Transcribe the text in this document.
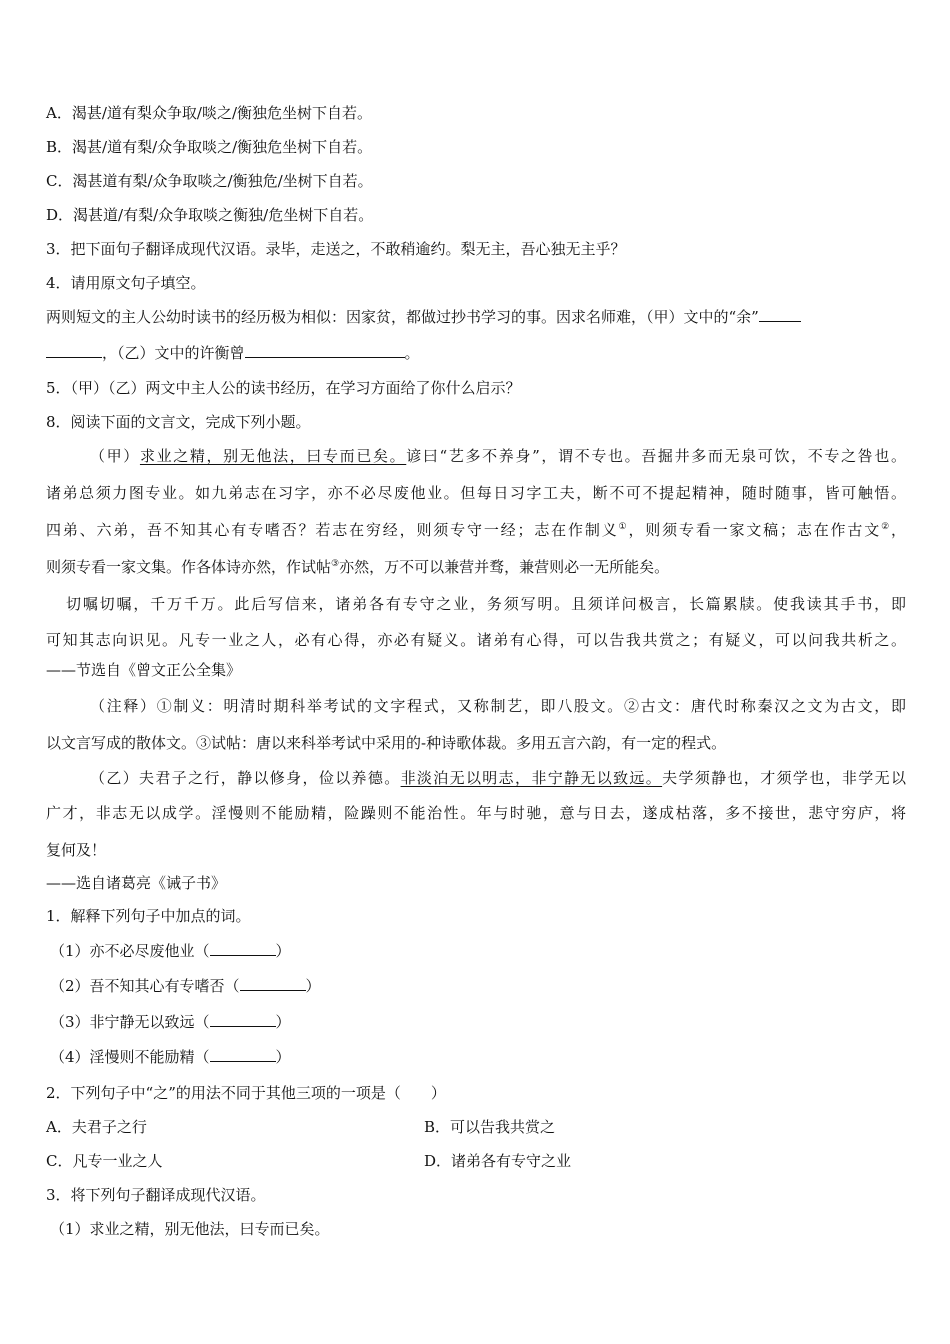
A．渴甚/道有梨众争取/啖之/衡独危坐树下自若。
B．渴甚/道有梨/众争取啖之/衡独危坐树下自若。
C．渴甚道有梨/众争取啖之/衡独危/坐树下自若。
D．渴甚道/有梨/众争取啖之衡独/危坐树下自若。
3．把下面句子翻译成现代汉语。录毕，走送之，不敢稍逾约。梨无主，吾心独无主乎？
4．请用原文句子填空。
两则短文的主人公幼时读书的经历极为相似：因家贫，都做过抄书学习的事。因求名师难，（甲）文中的“余”
，（乙）文中的许衡曾	。
5．（甲）（乙）两文中主人公的读书经历，在学习方面给了你什么启示？
8．阅读下面的文言文，完成下列小题。
（甲）求业之精，别无他法，曰专而已矣。谚曰“艺多不养身”，谓不专也。吾掘井多而无泉可饮，不专之咎也。
诸弟总须力图专业。如九弟志在习字，亦不必尽废他业。但每日习字工夫，断不可不提起精神，随时随事，皆可触悟。
四弟、六弟，吾不知其心有专嗜否？若志在穷经，则须专守一经；志在作制义①，则须专看一家文稿；志在作古文②，
则须专看一家文集。作各体诗亦然，作试帖③亦然，万不可以兼营并骛，兼营则必一无所能矣。
切嘱切嘱，千万千万。此后写信来，诸弟各有专守之业，务须写明。且须详问极言，长篇累牍。使我读其手书，即
可知其志向识见。凡专一业之人，必有心得，亦必有疑义。诸弟有心得，可以告我共赏之；有疑义，可以问我共析之。
——节选自《曾文正公全集》
（注释）①制义：明清时期科举考试的文字程式，又称制艺，即八股文。②古文：唐代时称秦汉之文为古文，即
以文言写成的散体文。③试帖：唐以来科举考试中采用的-种诗歌体裁。多用五言六韵，有一定的程式。
（乙）夫君子之行，静以修身，俭以养德。非淡泊无以明志，非宁静无以致远。夫学须静也，才须学也，非学无以
广才，非志无以成学。淫慢则不能励精，险躁则不能治性。年与时驰，意与日去，遂成枯落，多不接世，悲守穷庐，将
复何及！
——选自诸葛亮《诫子书》
1．解释下列句子中加点的词。
（1）亦不必尽废他业（	）
（2）吾不知其心有专嗜否（	）
（3）非宁静无以致远（	）
（4）淫慢则不能励精（	）
2．下列句子中“之”的用法不同于其他三项的一项是（　　）
A．夫君子之行	B．可以告我共赏之
C．凡专一业之人	D．诸弟各有专守之业
3．将下列句子翻译成现代汉语。
（1）求业之精，别无他法，曰专而已矣。
